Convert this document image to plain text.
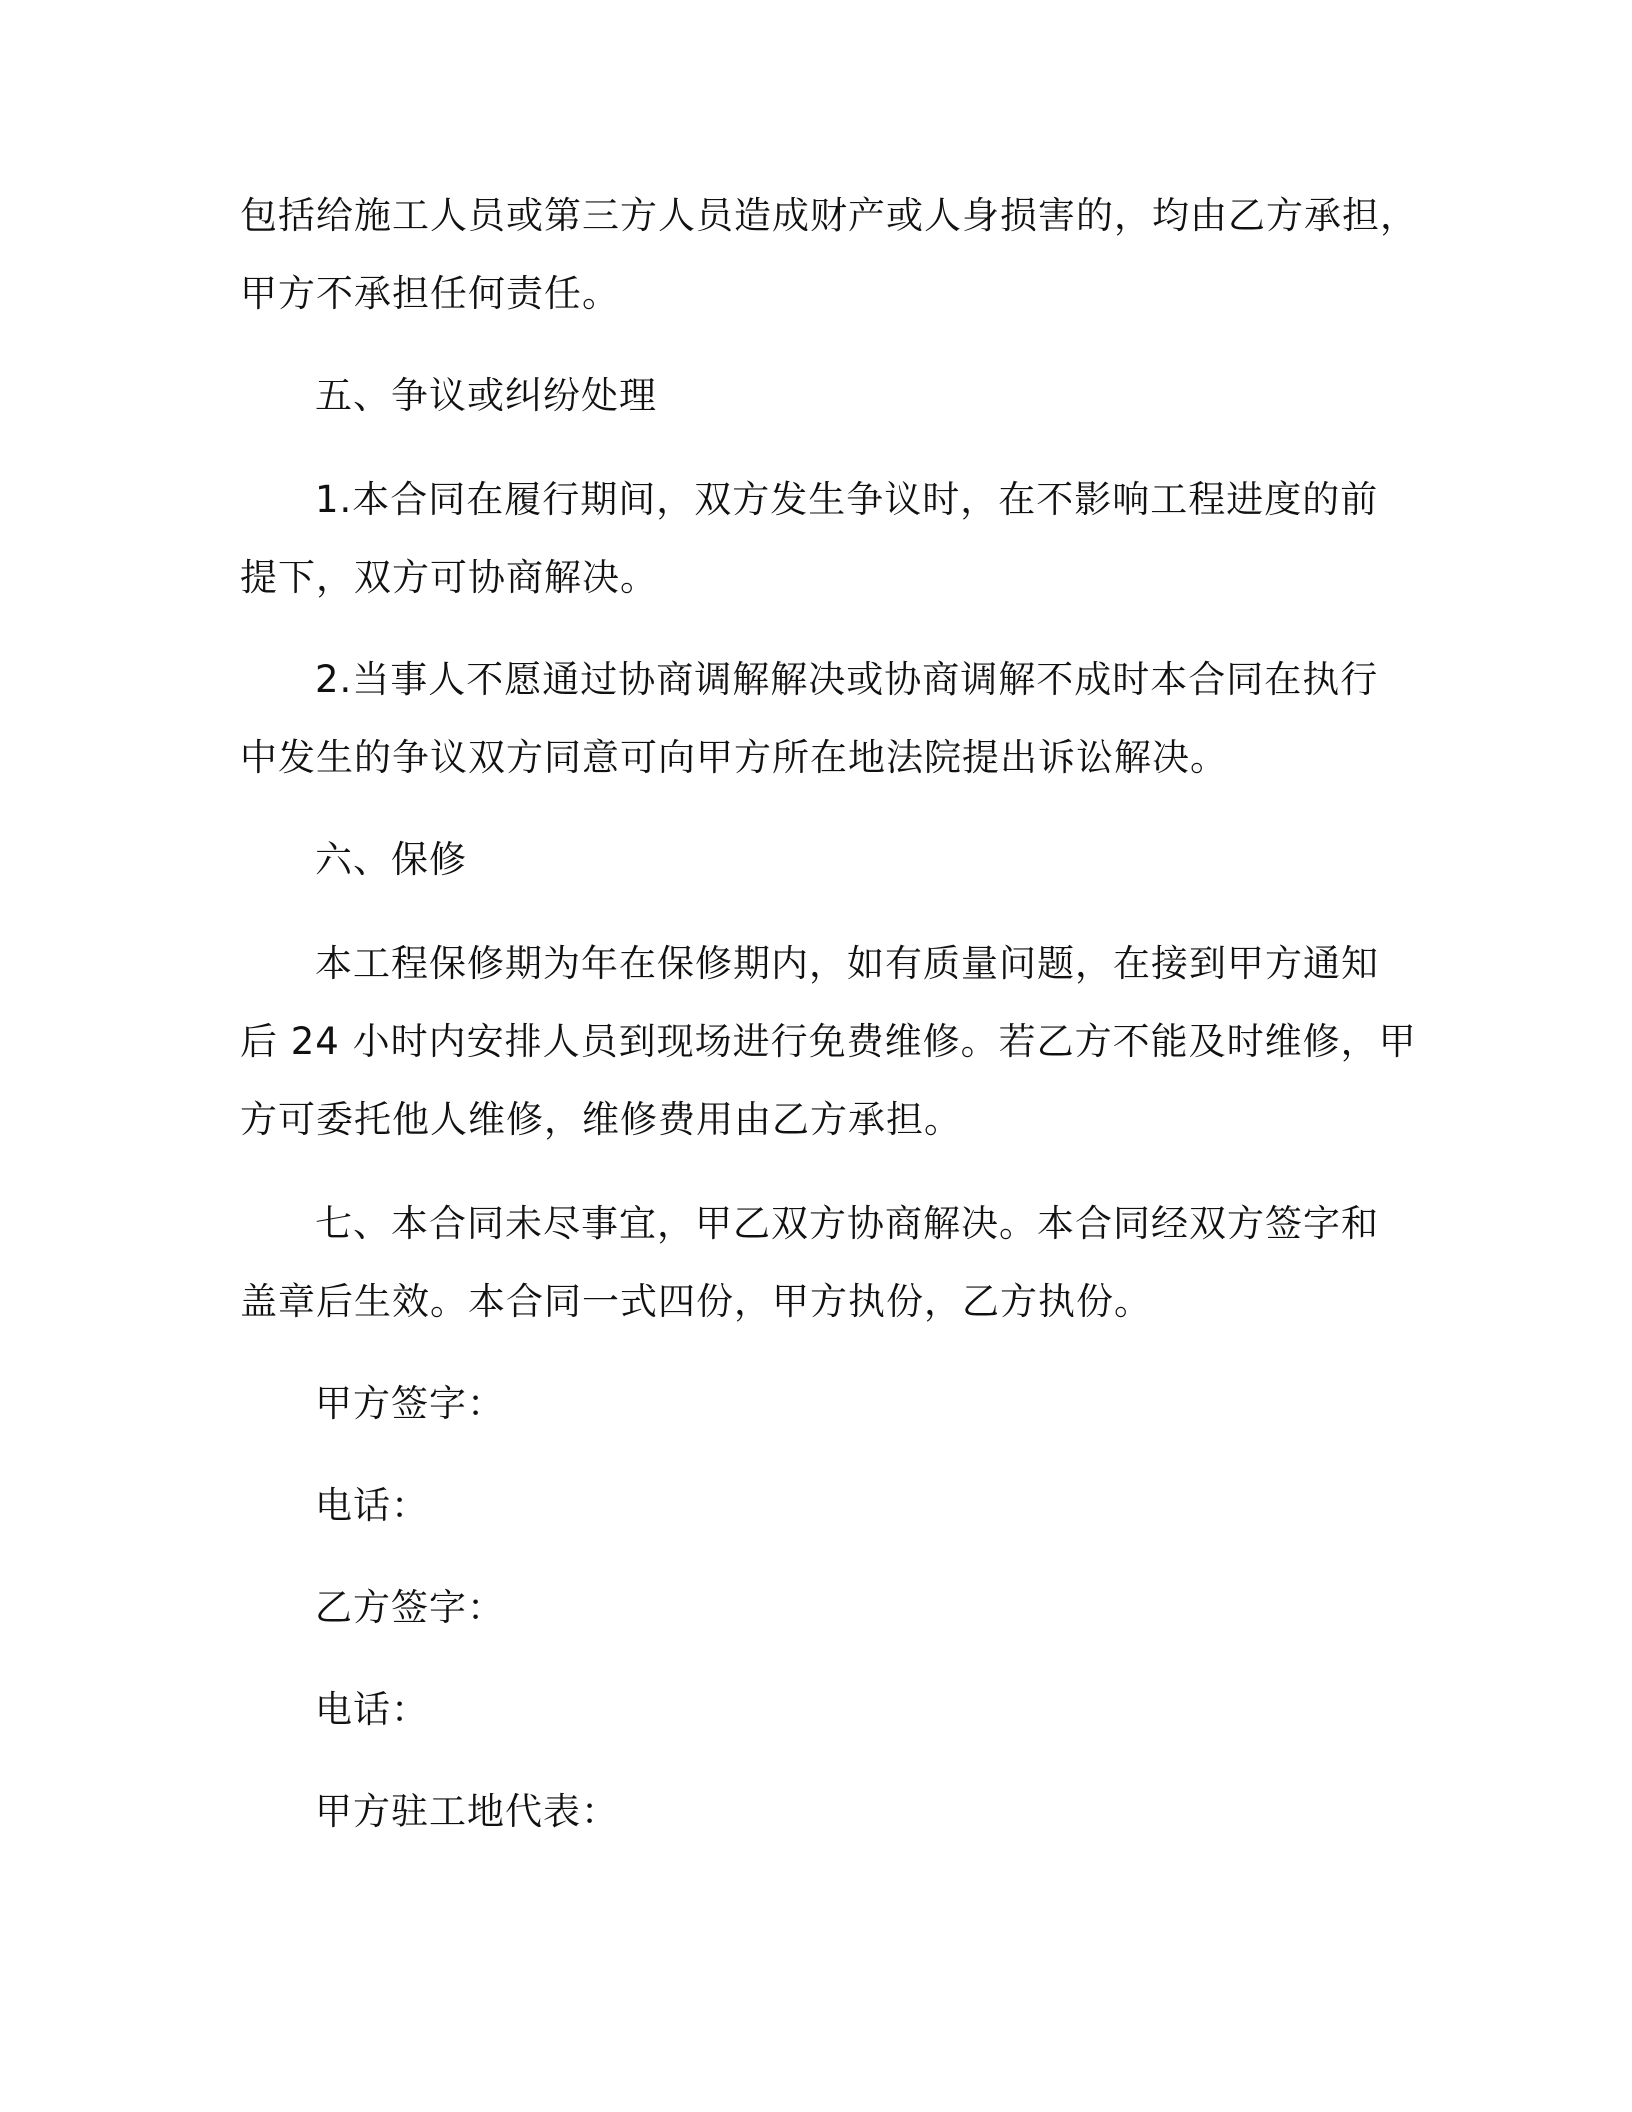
包括给施工人员或第三方人员造成财产或人身损害的，均由乙方承担，
甲方不承担任何责任。
五、争议或纠纷处理
1.本合同在履行期间，双方发生争议时，在不影响工程进度的前
提下，双方可协商解决。
2.当事人不愿通过协商调解解决或协商调解不成时本合同在执行
中发生的争议双方同意可向甲方所在地法院提出诉讼解决。
六、保修
本工程保修期为年在保修期内，如有质量问题，在接到甲方通知
后 24 小时内安排人员到现场进行免费维修。若乙方不能及时维修，甲
方可委托他人维修，维修费用由乙方承担。
七、本合同未尽事宜，甲乙双方协商解决。本合同经双方签字和
盖章后生效。本合同一式四份，甲方执份，乙方执份。
甲方签字：
电话：
乙方签字：
电话：
甲方驻工地代表：
